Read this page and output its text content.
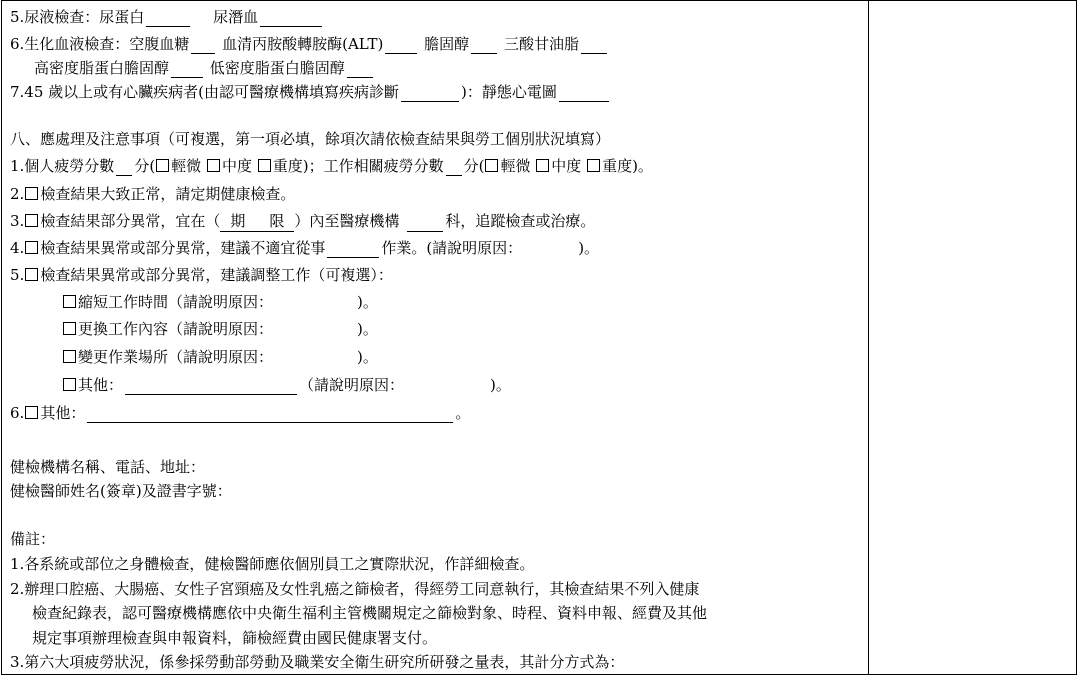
5.尿液檢查：尿蛋白	尿潛血
6.生化血液檢查：空腹血糖 血清丙胺酸轉胺酶(ALT)	膽固醇 三酸甘油脂
高密度脂蛋白膽固醇	低密度脂蛋白膽固醇
7.45 歲以上或有心臟疾病者(由認可醫療機構填寫疾病診斷	)：靜態心電圖
八、應處理及注意事項（可複選，第一項必填，餘項次請依檢查結果與勞工個別狀況填寫）
1.個人疲勞分數 分( 輕微 中度 重度)；工作相關疲勞分數 分( 輕微 中度 重度)。
2. 檢查結果大致正常，請定期健康檢查。
3. 檢查結果部分異常，宜在（ 期 限 ）內至醫療機構	科，追蹤檢查或治療。
4. 檢查結果異常或部分異常，建議不適宜從事	作業。(請說明原因：	)。
5. 檢查結果異常或部分異常，建議調整工作（可複選）：
縮短工作時間（請說明原因：	)。
更換工作內容（請說明原因：	)。
變更作業場所（請說明原因：	)。
其他：	（請說明原因：	)。
6. 其他：	。
健檢機構名稱、電話、地址：
健檢醫師姓名(簽章)及證書字號：
備註：
1.各系統或部位之身體檢查，健檢醫師應依個別員工之實際狀況，作詳細檢查。
2.辦理口腔癌、大腸癌、女性子宮頸癌及女性乳癌之篩檢者，得經勞工同意執行，其檢查結果不列入健康
檢查紀錄表，認可醫療機構應依中央衛生福利主管機關規定之篩檢對象、時程、資料申報、經費及其他
規定事項辦理檢查與申報資料，篩檢經費由國民健康署支付。
3.第六大項疲勞狀況，係參採勞動部勞動及職業安全衛生研究所研發之量表，其計分方式為：
